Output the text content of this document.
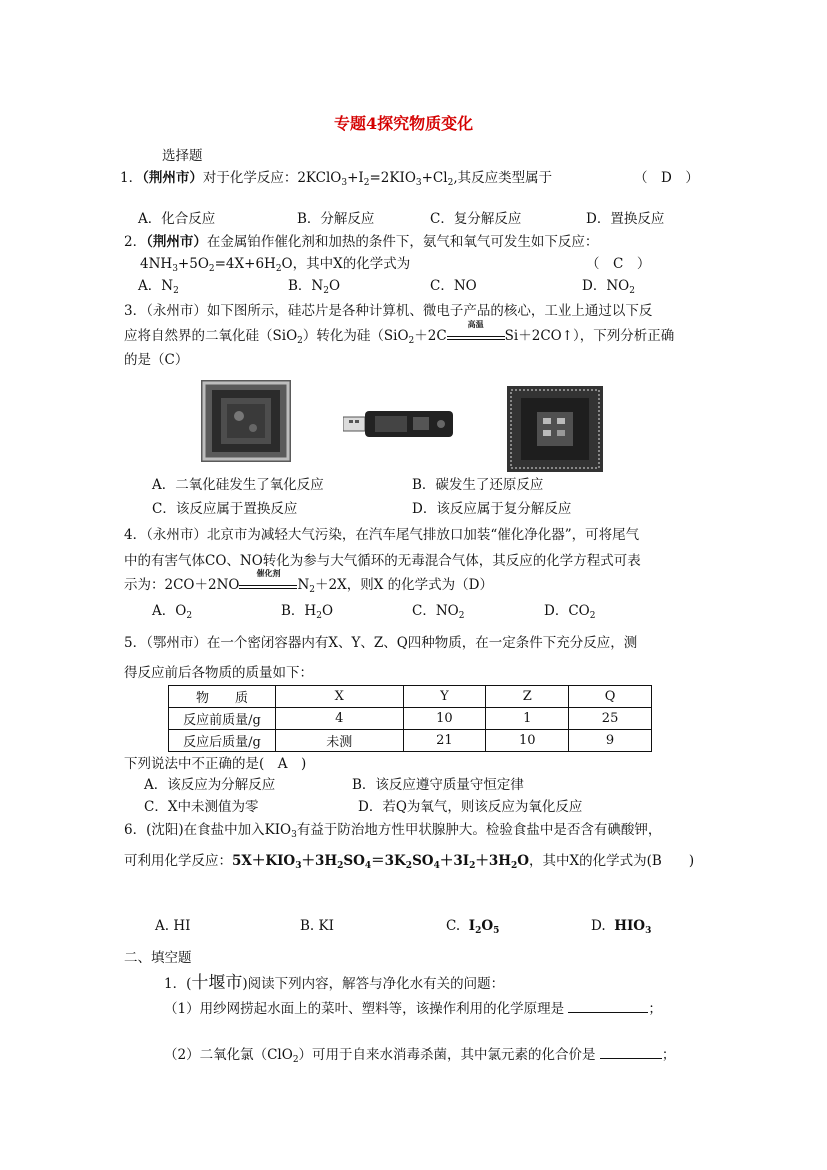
专题4探究物质变化
选择题
1．（荆州市）对于化学反应：$2KClO_3+I_2=2KIO_3+Cl_2$,其反应类型属于	（　D　）
A．化合反应	B．分解反应	C．复分解反应	D．置换反应
2．（荆州市）在金属铂作催化剂和加热的条件下，氨气和氧气可发生如下反应：
$4NH_3+5O_2=4X+6H_2O$，其中X的化学式为	（　C　）
A．$N_2$	B．$N_2O$	C．NO	D．$NO_2$
3．（永州市）如下图所示，硅芯片是各种计算机、微电子产品的核心，工业上通过以下反
应将自然界的二氧化硅（SiO$_2$）转化为硅（SiO$_2$＋2C
高温
Si＋2CO↑），下列分析正确
的是（C）
A．二氧化硅发生了氧化反应	B．碳发生了还原反应
C．该反应属于置换反应	D．该反应属于复分解反应
4．（永州市）北京市为减轻大气污染，在汽车尾气排放口加装“催化净化器”，可将尾气
中的有害气体CO、NO转化为参与大气循环的无毒混合气体，其反应的化学方程式可表
示为：2CO＋2NO
催化剂
$N_2+2X$，则X 的化学式为（D）
A．$O_2$	B．$H_2O$	C．$NO_2$	D．$CO_2$
5．（鄂州市）在一个密闭容器内有X、Y、Z、Q四种物质，在一定条件下充分反应，测
得反应前后各物质的质量如下：
物　　质	X	Y	Z	Q
反应前质量/g	4	10	1	25
反应后质量/g	未测	21	10	9
下列说法中不正确的是(　A　)
A．该反应为分解反应	B．该反应遵守质量守恒定律
C．X中未测值为零	D．若Q为氧气，则该反应为氧化反应
6．(沈阳)在食盐中加入$KIO_3$有益于防治地方性甲状腺肿大。检验食盐中是否含有碘酸钾，
可利用化学反应：$5X+KIO_3+3H_2SO_4=3K_2SO_4+3I_2+3H_2O$，其中X的化学式为(B　　)
A. HI	B. KI	C. $I_2O_5$	D. $HIO_3$
二、填空题
1．(十堰市)阅读下列内容，解答与净化水有关的问题：
（1）用纱网捞起水面上的菜叶、塑料等，该操作利用的化学原理是	；
（2）二氧化氯（ClO$_2$）可用于自来水消毒杀菌，其中氯元素的化合价是	；
